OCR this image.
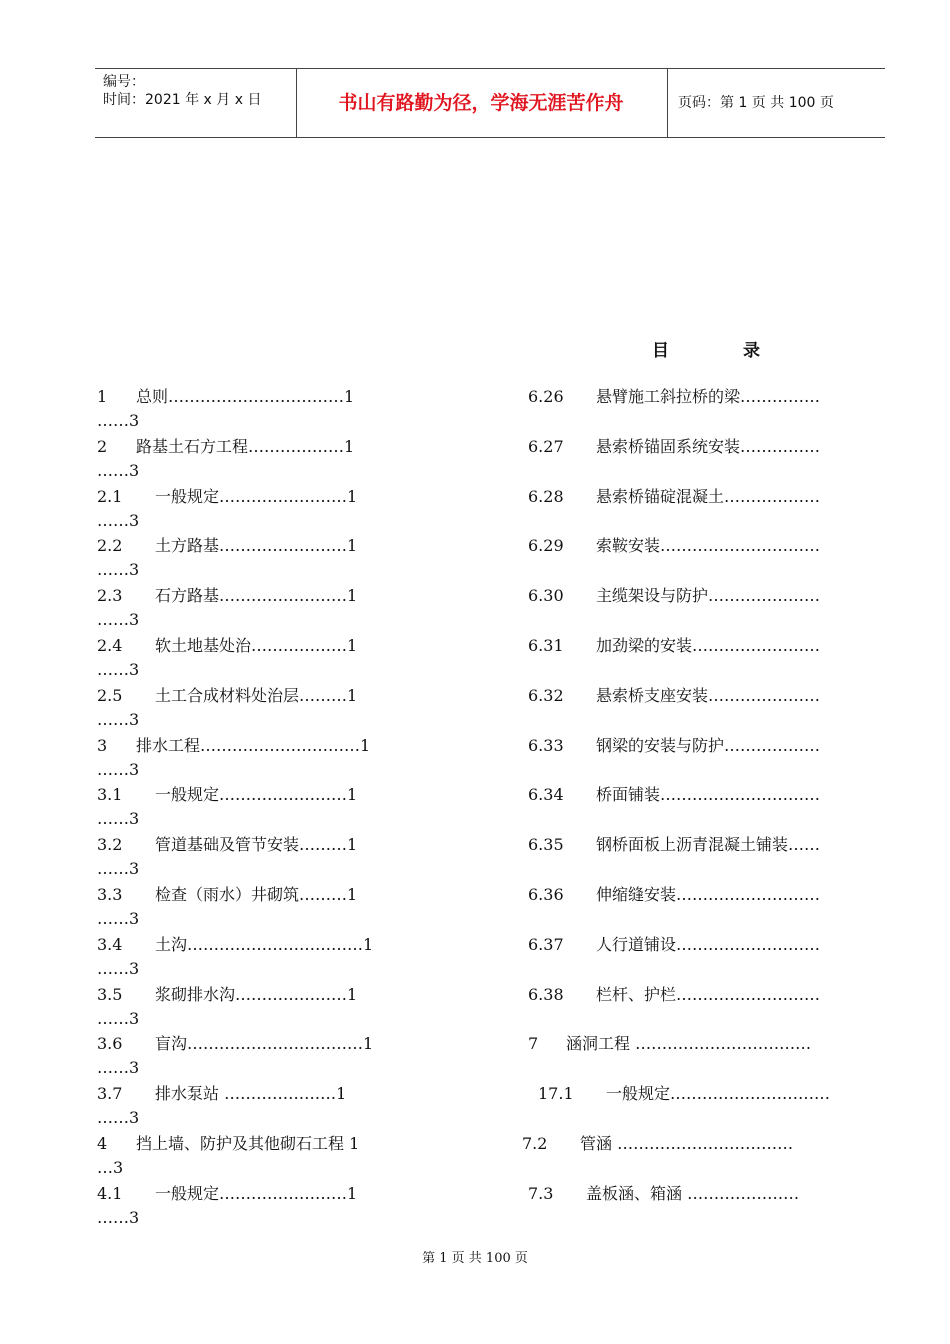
编号：
时间：2021 年 x 月 x 日	书山有路勤为径，学海无涯苦作舟	页码：第 1 页 共 100 页
目	录
1 总则……………………………1
……3
2 路基土石方工程………………1
……3
2.1 一般规定……………………1
……3
2.2 土方路基……………………1
……3
2.3 石方路基……………………1
……3
2.4 软土地基处治………………1
……3
2.5 土工合成材料处治层………1
……3
3 排水工程…………………………1
……3
3.1 一般规定……………………1
……3
3.2 管道基础及管节安装………1
……3
3.3 检查（雨水）井砌筑………1
……3
3.4 土沟……………………………1
……3
3.5 浆砌排水沟…………………1
……3
3.6 盲沟……………………………1
……3
3.7 排水泵站 …………………1
……3
4 挡上墙、防护及其他砌石工程 1
…3
4.1 一般规定……………………1
……3
6.26 悬臂施工斜拉桥的梁……………
6.27 悬索桥锚固系统安装……………
6.28 悬索桥锚碇混凝土………………
6.29 索鞍安装…………………………
6.30 主缆架设与防护…………………
6.31 加劲梁的安装……………………
6.32 悬索桥支座安装…………………
6.33 钢梁的安装与防护………………
6.34 桥面铺装…………………………
6.35 钢桥面板上沥青混凝土铺装……
6.36 伸缩缝安装………………………
6.37 人行道铺设………………………
6.38 栏杆、护栏………………………
7 涵洞工程 ……………………………
17.1 一般规定…………………………
7.2 管涵 ……………………………
7.3 盖板涵、箱涵 …………………
第 1 页 共 100 页
